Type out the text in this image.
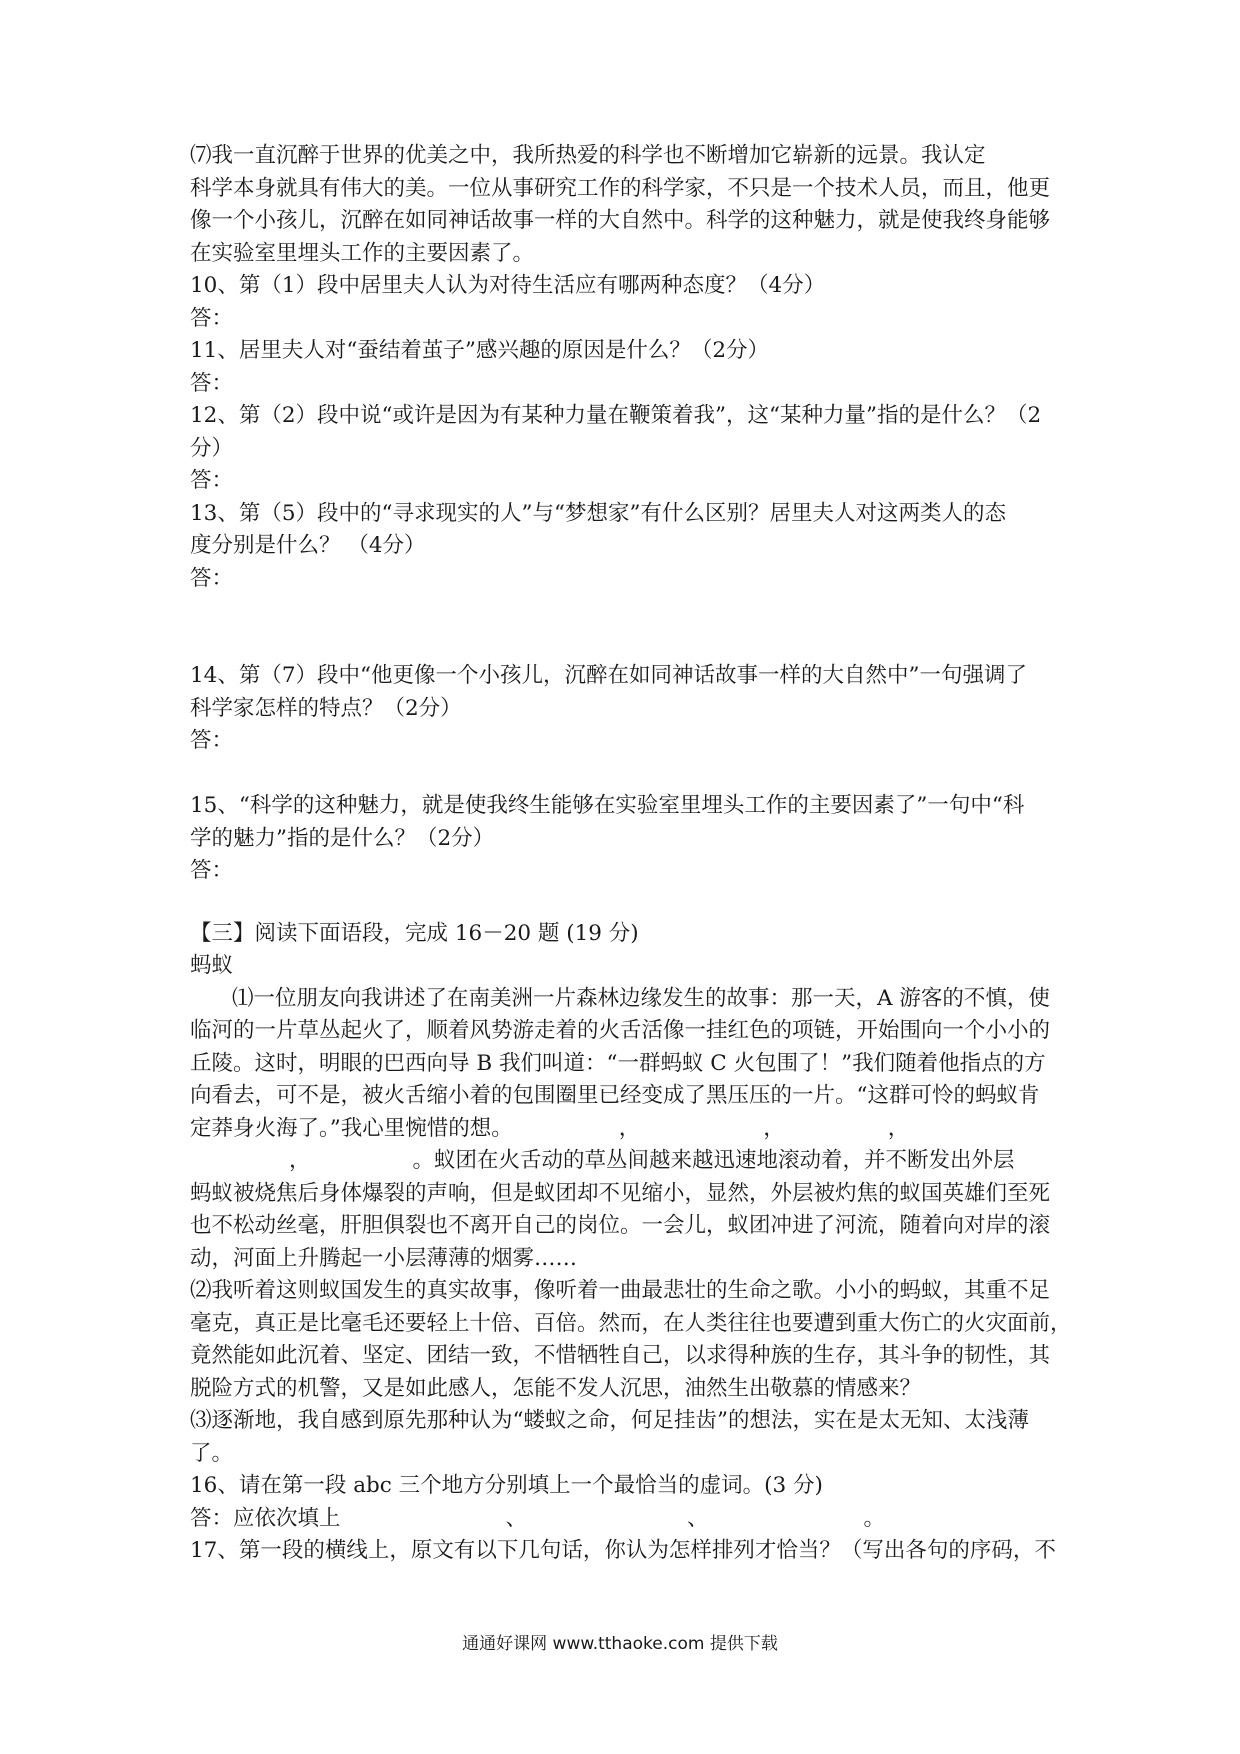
⑺我一直沉醉于世界的优美之中，我所热爱的科学也不断增加它崭新的远景。我认定
科学本身就具有伟大的美。一位从事研究工作的科学家，不只是一个技术人员，而且，他更
像一个小孩儿，沉醉在如同神话故事一样的大自然中。科学的这种魅力，就是使我终身能够
在实验室里埋头工作的主要因素了。
10、第（1）段中居里夫人认为对待生活应有哪两种态度？（4分）
答：
11、居里夫人对“蚕结着茧子”感兴趣的原因是什么？（2分）
答：
12、第（2）段中说“或许是因为有某种力量在鞭策着我”，这“某种力量”指的是什么？（2
分）
答：
13、第（5）段中的“寻求现实的人”与“梦想家”有什么区别？居里夫人对这两类人的态
度分别是什么？ （4分）
答：
14、第（7）段中“他更像一个小孩儿，沉醉在如同神话故事一样的大自然中”一句强调了
科学家怎样的特点？（2分）
答：
15、“科学的这种魅力，就是使我终生能够在实验室里埋头工作的主要因素了”一句中“科
学的魅力”指的是什么？（2分）
答：
【三】阅读下面语段，完成 16－20 题 (19 分)
蚂蚁
⑴一位朋友向我讲述了在南美洲一片森林边缘发生的故事：那一天，A 游客的不慎，使
临河的一片草丛起火了，顺着风势游走着的火舌活像一挂红色的项链，开始围向一个小小的
丘陵。这时，明眼的巴西向导 B 我们叫道：“一群蚂蚁 C 火包围了！”我们随着他指点的方
向看去，可不是，被火舌缩小着的包围圈里已经变成了黑压压的一片。“这群可怜的蚂蚁肯
定莽身火海了。”我心里惋惜的想。	，	，	，
，	。蚁团在火舌动的草丛间越来越迅速地滚动着，并不断发出外层
蚂蚁被烧焦后身体爆裂的声响，但是蚁团却不见缩小，显然，外层被灼焦的蚁国英雄们至死
也不松动丝毫，肝胆俱裂也不离开自己的岗位。一会儿，蚁团冲进了河流，随着向对岸的滚
动，河面上升腾起一小层薄薄的烟雾……
⑵我听着这则蚁国发生的真实故事，像听着一曲最悲壮的生命之歌。小小的蚂蚁，其重不足
毫克，真正是比毫毛还要轻上十倍、百倍。然而，在人类往往也要遭到重大伤亡的火灾面前，
竟然能如此沉着、坚定、团结一致，不惜牺牲自己，以求得种族的生存，其斗争的韧性，其
脱险方式的机警，又是如此感人，怎能不发人沉思，油然生出敬慕的情感来？
⑶逐渐地，我自感到原先那种认为“蝼蚁之命，何足挂齿”的想法，实在是太无知、太浅薄
了。
16、请在第一段 abc 三个地方分别填上一个最恰当的虚词。(3 分)
答：应依次填上	、	、	。
17、第一段的横线上，原文有以下几句话，你认为怎样排列才恰当？（写出各句的序码，不
通通好课网 www.tthaoke.com 提供下载
